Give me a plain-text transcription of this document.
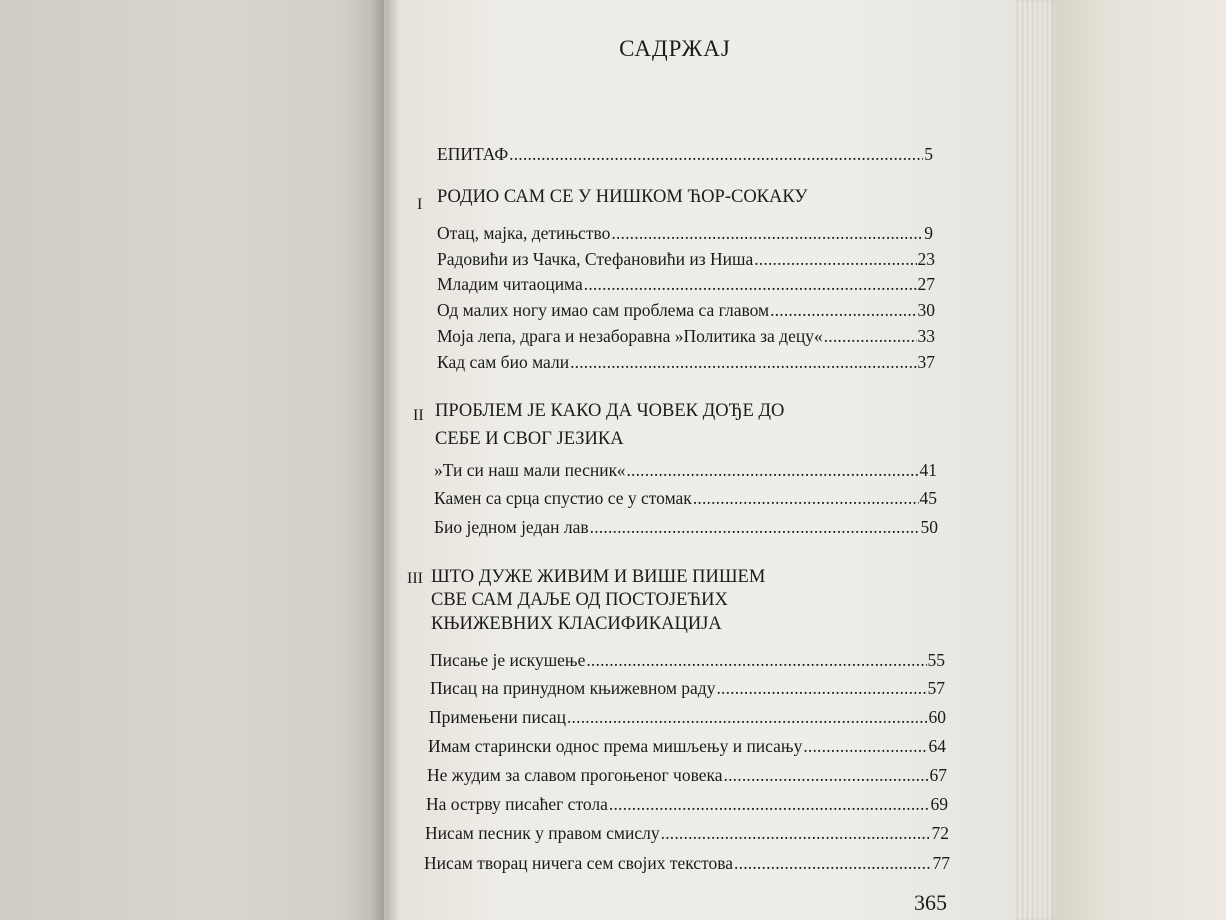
САДРЖАЈ
ЕПИТАФ .....	5
I РОДИО САМ СЕ У НИШКОМ ЋОР-СОКАКУ
Отац, мајка, детињство .....	9
Радовићи из Чачка, Стефановићи из Ниша .....	23
Младим читаоцима .....	27
Од малих ногу имао сам проблема са главом .....	30
Моја лепа, драга и незаборавна »Политика за децу« .....	33
Кад сам био мали .....	37
II ПРОБЛЕМ ЈЕ КАКО ДА ЧОВЕК ДОЂЕ ДО
СЕБЕ И СВОГ ЈЕЗИКА
»Ти си наш мали песник« .....	41
Камен са срца спустио се у стомак .....	45
Био једном један лав .....	50
III ШТО ДУЖЕ ЖИВИМ И ВИШЕ ПИШЕМ
СВЕ САМ ДАЉЕ ОД ПОСТОЈЕЋИХ
КЊИЖЕВНИХ КЛАСИФИКАЦИЈА
Писање је искушење .....	55
Писац на принудном књижевном раду .....	57
Примењени писац .....	60
Имам старински однос према мишљењу и писању .....	64
Не жудим за славом прогоњеног човека .....	67
На острву писаћег стола .....	69
Нисам песник у правом смислу .....	72
Нисам творац ничега сем својих текстова .....	77
365
